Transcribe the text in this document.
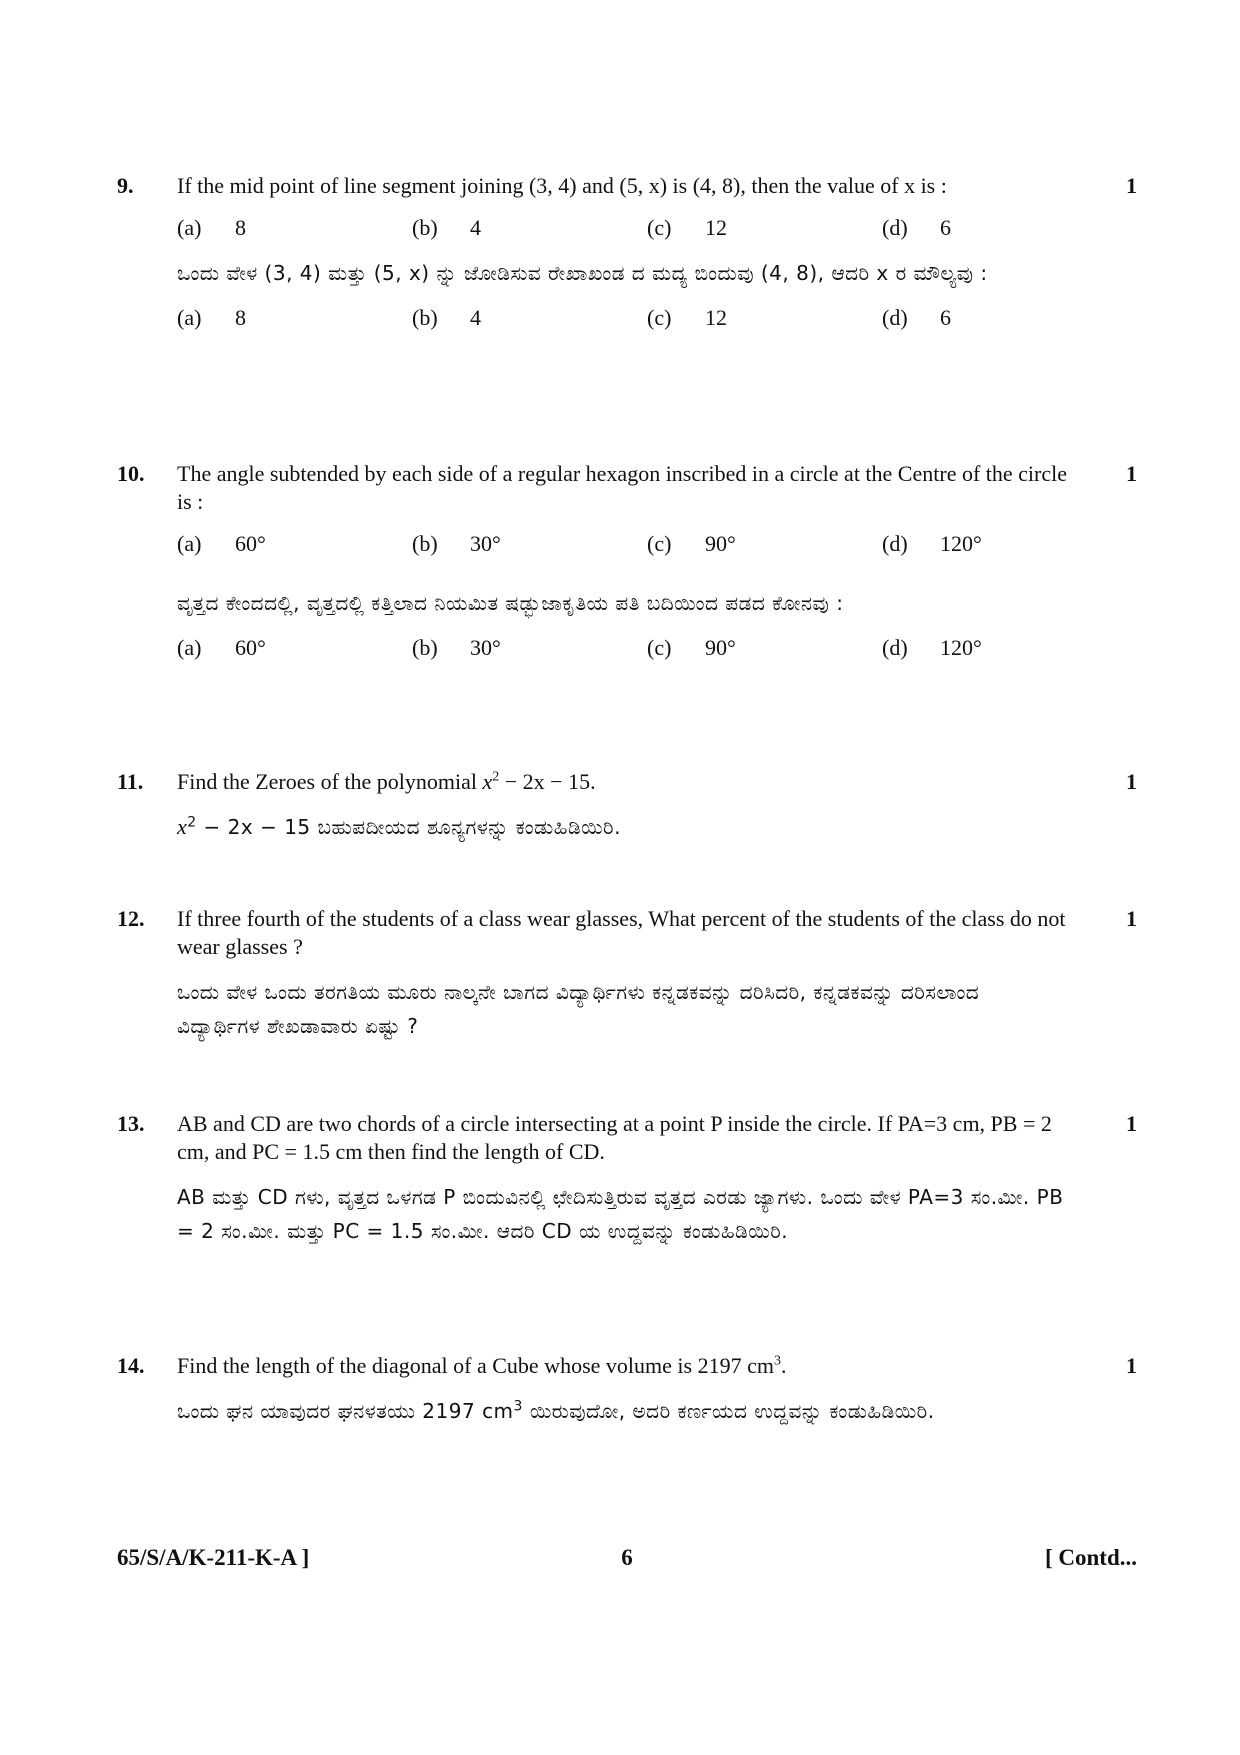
9.	1
If the mid point of line segment joining (3, 4) and (5, x) is (4, 8), then the value of x is :
(a)	8	(b)	4	(c)	12	(d)	6
ಒಂದು ವೇಳ (3, 4) ಮತ್ತು (5, x) ನ್ನು ಜೋಡಿಸುವ ರೇಖಾಖಂಡ ದ ಮದ್ಯ ಬಿಂದುವು (4, 8), ಆದರಿ x ರ ಮೌಲ್ಯವು :
(a)	8	(b)	4	(c)	12	(d)	6
10.	1
The angle subtended by each side of a regular hexagon inscribed in a circle at the Centre of the circle is :
(a)	60°	(b)	30°	(c)	90°	(d)	120°
ವೃತ್ತದ ಕೇಂದದಲ್ಲಿ, ವೃತ್ತದಲ್ಲಿ ಕತ್ತಿಲಾದ ನಿಯಮಿತ ಷಡ್ಭುಜಾಕೃತಿಯ ಪತಿ ಬದಿಯಿಂದ ಪಡದ ಕೋನವು :
(a)	60°	(b)	30°	(c)	90°	(d)	120°
11.	1
Find the Zeroes of the polynomial $x^2 - 2x - 15$.
$x^2 - 2x - 15$ ಬಹುಪದೀಯದ ಶೂನ್ಯಗಳನ್ನು ಕಂಡುಹಿಡಿಯಿರಿ.
12.	1
If three fourth of the students of a class wear glasses, What percent of the students of the class do not wear glasses ?
ಒಂದು ವೇಳ ಒಂದು ತರಗತಿಯ ಮೂರು ನಾಲ್ಕನೇ ಬಾಗದ ವಿದ್ಯಾರ್ಥಿಗಳು ಕನ್ನಡಕವನ್ನು ದರಿಸಿದರಿ, ಕನ್ನಡಕವನ್ನು ದರಿಸಲಾಂದ ವಿದ್ಯಾರ್ಥಿಗಳ ಶೇಖಡಾವಾರು ಏಷ್ಟು ?
13.	1
AB and CD are two chords of a circle intersecting at a point P inside the circle. If PA=3 cm, PB = 2 cm, and PC = 1.5 cm then find the length of CD.
AB ಮತ್ತು CD ಗಳು, ವೃತ್ತದ ಒಳಗಡ P ಬಿಂದುವಿನಲ್ಲಿ ಛೇದಿಸುತ್ತಿರುವ ವೃತ್ತದ ಎರಡು ಜ್ಯಾಗಳು. ಒಂದು ವೇಳ PA=3 ಸಂ.ಮೀ. PB = 2 ಸಂ.ಮೀ. ಮತ್ತು PC = 1.5 ಸಂ.ಮೀ. ಆದರಿ CD ಯ ಉದ್ದವನ್ನು ಕಂಡುಹಿಡಿಯಿರಿ.
14.	1
Find the length of the diagonal of a Cube whose volume is 2197 $cm^3$.
ಒಂದು ಘನ ಯಾವುದರ ಘನಳತಯು 2197 $cm^3$ ಯಿರುವುದೋ, ಅದರಿ ಕರ್ಣಯದ ಉದ್ದವನ್ನು ಕಂಡುಹಿಡಿಯಿರಿ.
65/S/A/K-211-K-A ]	6	[ Contd...
